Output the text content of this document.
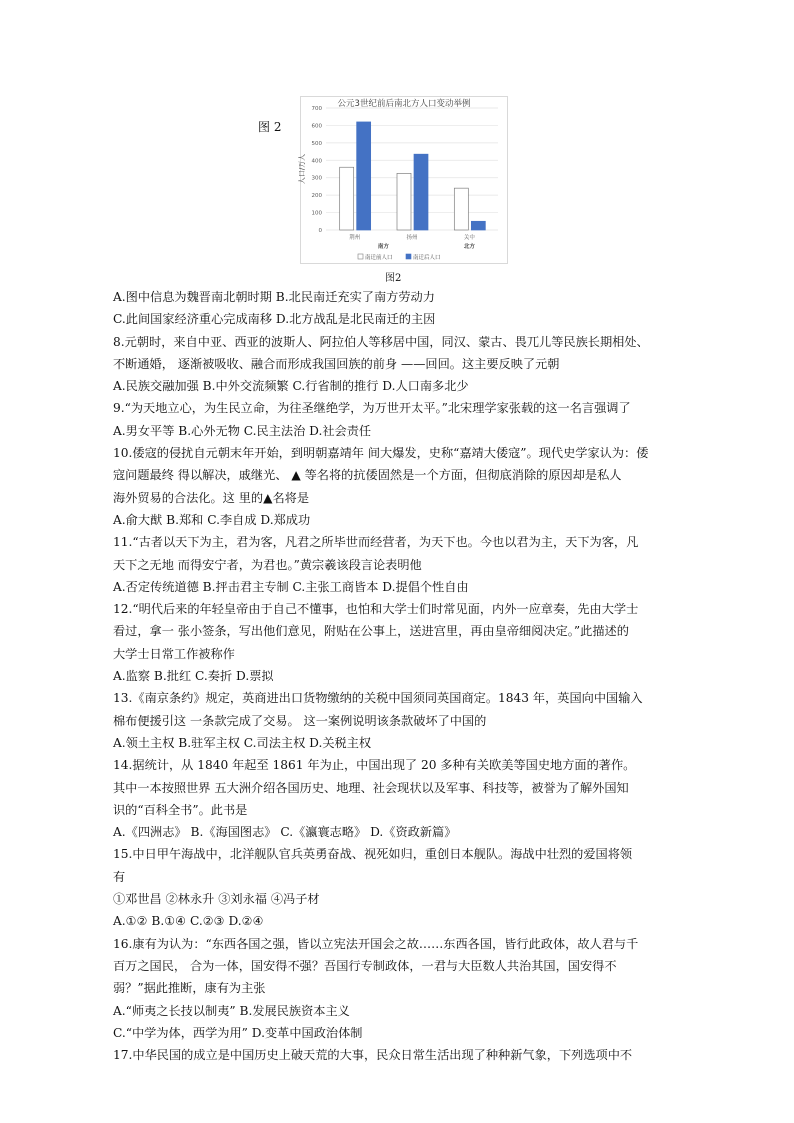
图 2
公元3世纪前后南北方人口变动举例
0
100
200
300
400
500
600
700
人口/万人
荆州	扬州	关中
南方	北方
南迁前人口	南迁后人口
图2
A.图中信息为魏晋南北朝时期 B.北民南迁充实了南方劳动力
C.此间国家经济重心完成南移 D.北方战乱是北民南迁的主因
8.元朝时，来自中亚、西亚的波斯人、阿拉伯人等移居中国，同汉、蒙古、畏兀儿等民族长期相处、
不断通婚， 逐渐被吸收、融合而形成我国回族的前身 ——回回。这主要反映了元朝
A.民族交融加强 B.中外交流频繁 C.行省制的推行 D.人口南多北少
9.“为天地立心，为生民立命，为往圣继绝学，为万世开太平。”北宋理学家张载的这一名言强调了
A.男女平等 B.心外无物 C.民主法治 D.社会责任
10.倭寇的侵扰自元朝末年开始，到明朝嘉靖年 间大爆发，史称“嘉靖大倭寇”。现代史学家认为：倭
寇问题最终 得以解决，戚继光、 ▲ 等名将的抗倭固然是一个方面，但彻底消除的原因却是私人
海外贸易的合法化。这 里的▲名将是
A.俞大猷 B.郑和 C.李自成 D.郑成功
11.“古者以天下为主，君为客，凡君之所毕世而经营者，为天下也。今也以君为主，天下为客，凡
天下之无地 而得安宁者，为君也。”黄宗羲该段言论表明他
A.否定传统道德 B.抨击君主专制 C.主张工商皆本 D.提倡个性自由
12.“明代后来的年轻皇帝由于自己不懂事，也怕和大学士们时常见面，内外一应章奏，先由大学士
看过，拿一 张小签条，写出他们意见，附贴在公事上，送进宫里，再由皇帝细阅决定。”此描述的
大学士日常工作被称作
A.监察 B.批红 C.奏折 D.票拟
13.《南京条约》规定，英商进出口货物缴纳的关税中国须同英国商定。1843 年，英国向中国输入
棉布便援引这 一条款完成了交易。 这一案例说明该条款破坏了中国的
A.领土主权 B.驻军主权 C.司法主权 D.关税主权
14.据统计，从 1840 年起至 1861 年为止，中国出现了 20 多种有关欧美等国史地方面的著作。
其中一本按照世界 五大洲介绍各国历史、地理、社会现状以及军事、科技等，被誉为了解外国知
识的“百科全书”。此书是
A.《四洲志》 B.《海国图志》 C.《瀛寰志略》 D.《资政新篇》
15.中日甲午海战中，北洋舰队官兵英勇奋战、视死如归，重创日本舰队。海战中壮烈的爱国将领
有
①邓世昌 ②林永升 ③刘永福 ④冯子材
A.①② B.①④ C.②③ D.②④
16.康有为认为：“东西各国之强，皆以立宪法开国会之故……东西各国，皆行此政体，故人君与千
百万之国民， 合为一体，国安得不强？吾国行专制政体，一君与大臣数人共治其国，国安得不
弱？”据此推断，康有为主张
A.“师夷之长技以制夷” B.发展民族资本主义
C.“中学为体，西学为用” D.变革中国政治体制
17.中华民国的成立是中国历史上破天荒的大事，民众日常生活出现了种种新气象，下列选项中不
